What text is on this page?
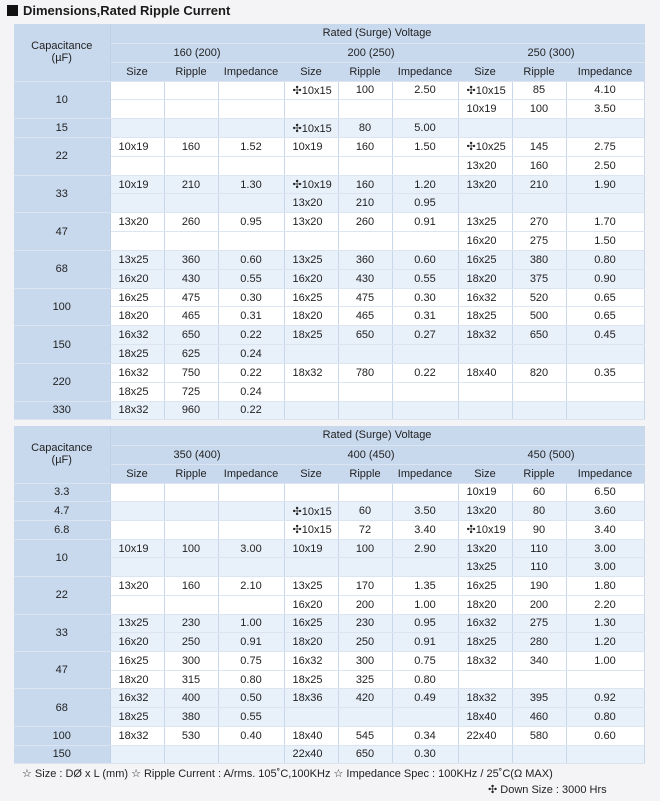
Dimensions,Rated Ripple Current
Capacitance
(µF)	Rated (Surge) Voltage								
	160 (200)			200 (250)			250 (300)		
	Size	Ripple	Impedance	Size	Ripple	Impedance	Size	Ripple	Impedance
10				✣10x15	100	2.50	✣10x15	85	4.10
							10x19	100	3.50
15				✣10x15	80	5.00			
22	10x19	160	1.52	10x19	160	1.50	✣10x25	145	2.75
							13x20	160	2.50
33	10x19	210	1.30	✣10x19	160	1.20	13x20	210	1.90
				13x20	210	0.95			
47	13x20	260	0.95	13x20	260	0.91	13x25	270	1.70
							16x20	275	1.50
68	13x25	360	0.60	13x25	360	0.60	16x25	380	0.80
	16x20	430	0.55	16x20	430	0.55	18x20	375	0.90
100	16x25	475	0.30	16x25	475	0.30	16x32	520	0.65
	18x20	465	0.31	18x20	465	0.31	18x25	500	0.65
150	16x32	650	0.22	18x25	650	0.27	18x32	650	0.45
	18x25	625	0.24						
220	16x32	750	0.22	18x32	780	0.22	18x40	820	0.35
	18x25	725	0.24						
330	18x32	960	0.22						
Capacitance
(µF)	Rated (Surge) Voltage								
	350 (400)			400 (450)			450 (500)		
	Size	Ripple	Impedance	Size	Ripple	Impedance	Size	Ripple	Impedance
3.3							10x19	60	6.50
4.7				✣10x15	60	3.50	13x20	80	3.60
6.8				✣10x15	72	3.40	✣10x19	90	3.40
10	10x19	100	3.00	10x19	100	2.90	13x20	110	3.00
							13x25	110	3.00
22	13x20	160	2.10	13x25	170	1.35	16x25	190	1.80
				16x20	200	1.00	18x20	200	2.20
33	13x25	230	1.00	16x25	230	0.95	16x32	275	1.30
	16x20	250	0.91	18x20	250	0.91	18x25	280	1.20
47	16x25	300	0.75	16x32	300	0.75	18x32	340	1.00
	18x20	315	0.80	18x25	325	0.80			
68	16x32	400	0.50	18x36	420	0.49	18x32	395	0.92
	18x25	380	0.55				18x40	460	0.80
100	18x32	530	0.40	18x40	545	0.34	22x40	580	0.60
150				22x40	650	0.30			
☆ Size : DØ x L (mm) ☆ Ripple Current : A/rms. 105˚C,100KHz ☆ Impedance Spec : 100KHz / 25˚C(Ω MAX)
✣ Down Size : 3000 Hrs
